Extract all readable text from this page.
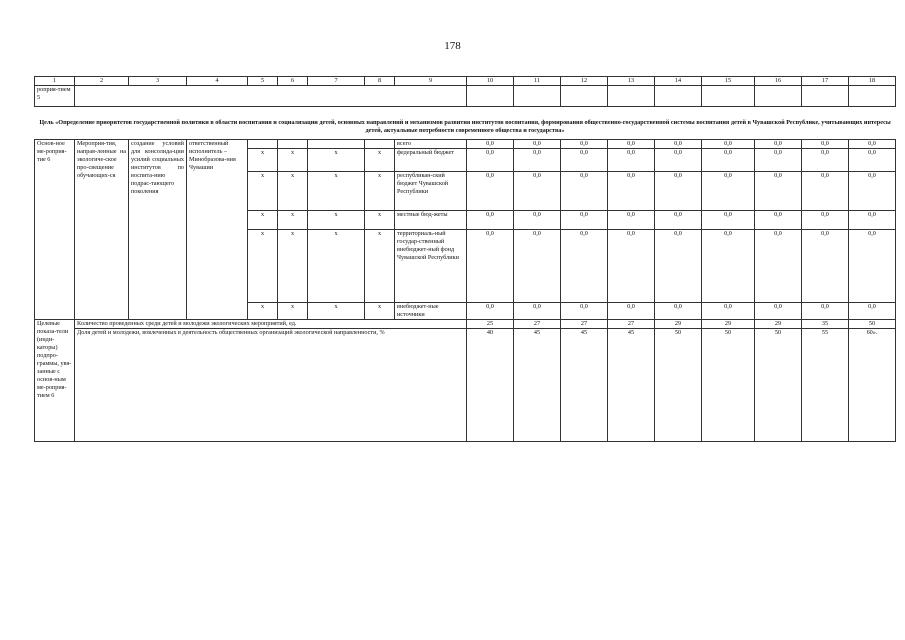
178
1	2	3	4	5	6	7	8	9	10	11	12	13	14	15	16	17	18	
роприя-тием 5																		
Цель «Определение приоритетов государственной политики в области воспитания и социализации детей, основных направлений и механизмов развития институтов воспитания, формирования общественно-государственной системы воспитания детей в Чувашской Республике, учитывающих интересы детей, актуальные потребности современного общества и государства»																		
Основ-ное ме-роприя-тие 6	Мероприя-тия, направ-ленные на экологиче-ское про-свещение обучающих-ся	создание условий для консолида-ции усилий социальных институтов по воспита-нию подрас-тающего поколения	ответственный исполнитель – Минобразова-ния Чувашии					всего	0,0	0,0	0,0	0,0	0,0	0,0	0,0	0,0	0,0	
				x	x	x	x	федеральный бюджет	0,0	0,0	0,0	0,0	0,0	0,0	0,0	0,0	0,0	
				x	x	x	x	республикан-ский бюджет Чувашской Республики	0,0	0,0	0,0	0,0	0,0	0,0	0,0	0,0	0,0	
				x	x	x	x	местные бюд-жеты	0,0	0,0	0,0	0,0	0,0	0,0	0,0	0,0	0,0	
				x	x	x	x	территориаль-ный государ-ственный внебюджет-ный фонд Чувашской Республики	0,0	0,0	0,0	0,0	0,0	0,0	0,0	0,0	0,0	
				x	x	x	x	внебюджет-ные источники	0,0	0,0	0,0	0,0	0,0	0,0	0,0	0,0	0,0	
Целевые показа-тели (инди-каторы) подпро-граммы, увя-занные с основ-ным ме-роприя-тием 6	Количество проведенных среди детей и молодежи экологических мероприятий, ед.								25	27	27	27	29	29	29	35	50	
	Доля детей и молодежи, вовлеченных в деятельность общественных организаций экологической направленности, %								40	45	45	45	50	50	50	55	60».	
